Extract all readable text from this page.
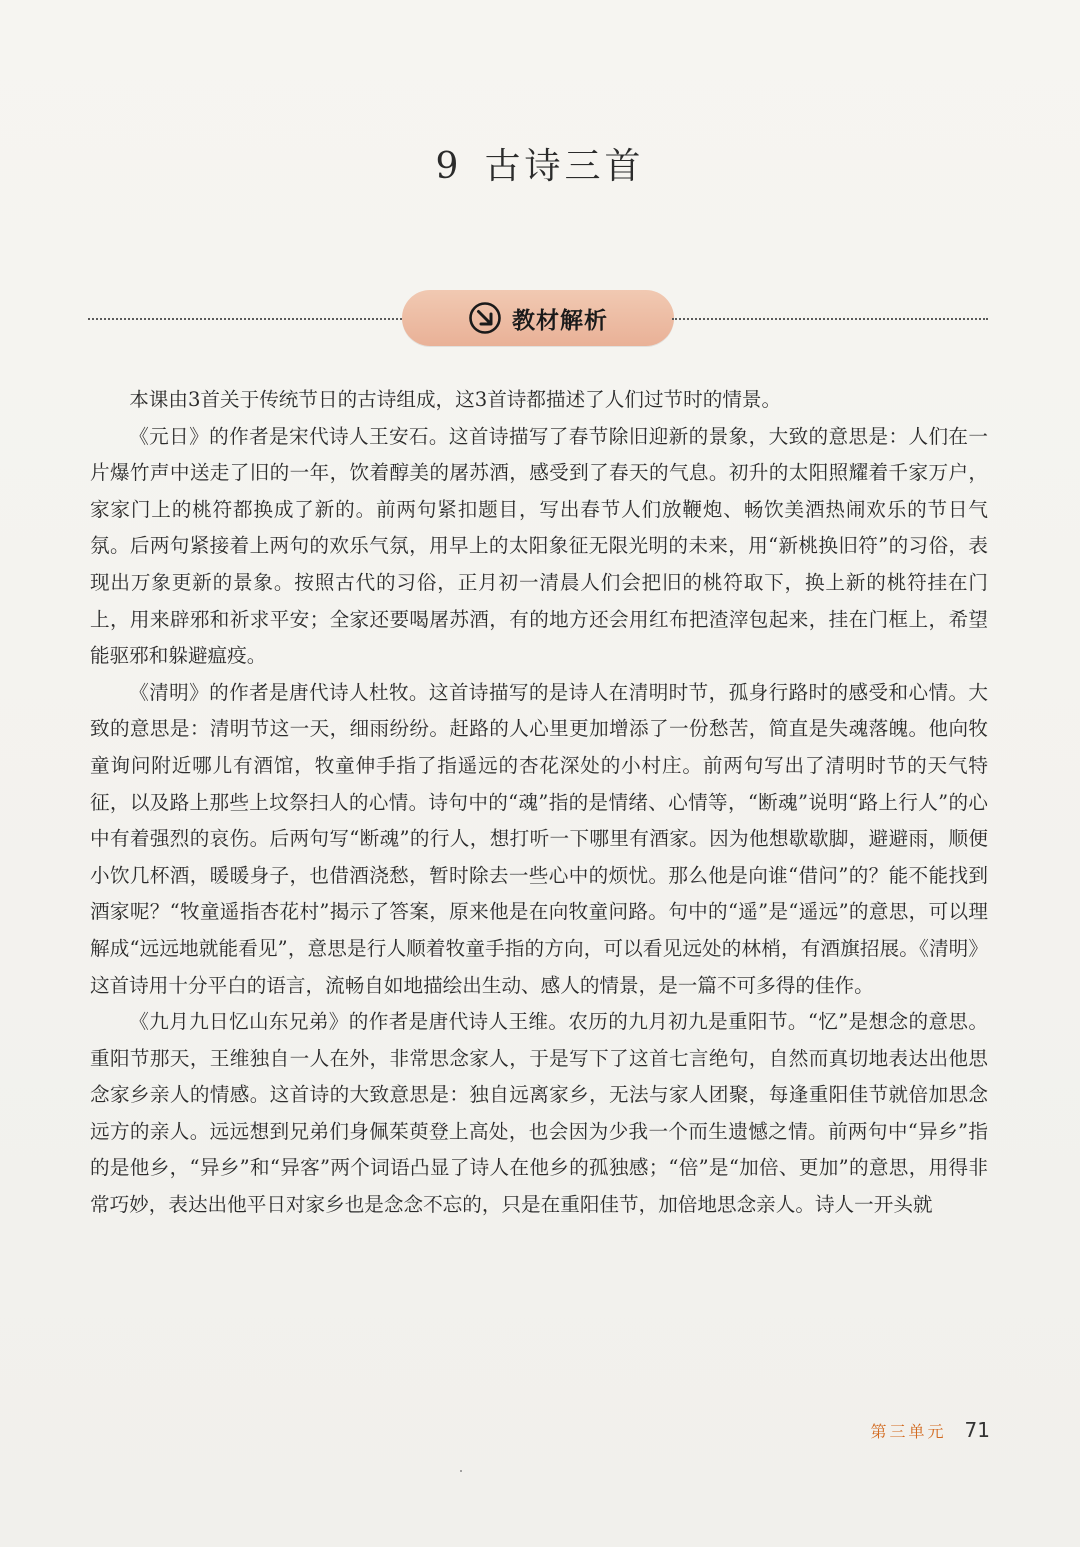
9 古诗三首
教材解析

本课由3首关于传统节日的古诗组成，这3首诗都描述了人们过节时的情景。

《元日》的作者是宋代诗人王安石。这首诗描写了春节除旧迎新的景象，大致的意思是：人们在一片爆竹声中送走了旧的一年，饮着醇美的屠苏酒，感受到了春天的气息。初升的太阳照耀着千家万户，家家门上的桃符都换成了新的。前两句紧扣题目，写出春节人们放鞭炮、畅饮美酒热闹欢乐的节日气氛。后两句紧接着上两句的欢乐气氛，用早上的太阳象征无限光明的未来，用“新桃换旧符”的习俗，表现出万象更新的景象。按照古代的习俗，正月初一清晨人们会把旧的桃符取下，换上新的桃符挂在门上，用来辟邪和祈求平安；全家还要喝屠苏酒，有的地方还会用红布把渣滓包起来，挂在门框上，希望能驱邪和躲避瘟疫。

《清明》的作者是唐代诗人杜牧。这首诗描写的是诗人在清明时节，孤身行路时的感受和心情。大致的意思是：清明节这一天，细雨纷纷。赶路的人心里更加增添了一份愁苦，简直是失魂落魄。他向牧童询问附近哪儿有酒馆，牧童伸手指了指遥远的杏花深处的小村庄。前两句写出了清明时节的天气特征，以及路上那些上坟祭扫人的心情。诗句中的“魂”指的是情绪、心情等，“断魂”说明“路上行人”的心中有着强烈的哀伤。后两句写“断魂”的行人，想打听一下哪里有酒家。因为他想歇歇脚，避避雨，顺便小饮几杯酒，暖暖身子，也借酒浇愁，暂时除去一些心中的烦忧。那么他是向谁“借问”的？能不能找到酒家呢？“牧童遥指杏花村”揭示了答案，原来他是在向牧童问路。句中的“遥”是“遥远”的意思，可以理解成“远远地就能看见”，意思是行人顺着牧童手指的方向，可以看见远处的林梢，有酒旗招展。《清明》这首诗用十分平白的语言，流畅自如地描绘出生动、感人的情景，是一篇不可多得的佳作。

《九月九日忆山东兄弟》的作者是唐代诗人王维。农历的九月初九是重阳节。“忆”是想念的意思。重阳节那天，王维独自一人在外，非常思念家人，于是写下了这首七言绝句，自然而真切地表达出他思念家乡亲人的情感。这首诗的大致意思是：独自远离家乡，无法与家人团聚，每逢重阳佳节就倍加思念远方的亲人。远远想到兄弟们身佩茱萸登上高处，也会因为少我一个而生遗憾之情。前两句中“异乡”指的是他乡，“异乡”和“异客”两个词语凸显了诗人在他乡的孤独感；“倍”是“加倍、更加”的意思，用得非常巧妙，表达出他平日对家乡也是念念不忘的，只是在重阳佳节，加倍地思念亲人。诗人一开头就

第三单元 71
